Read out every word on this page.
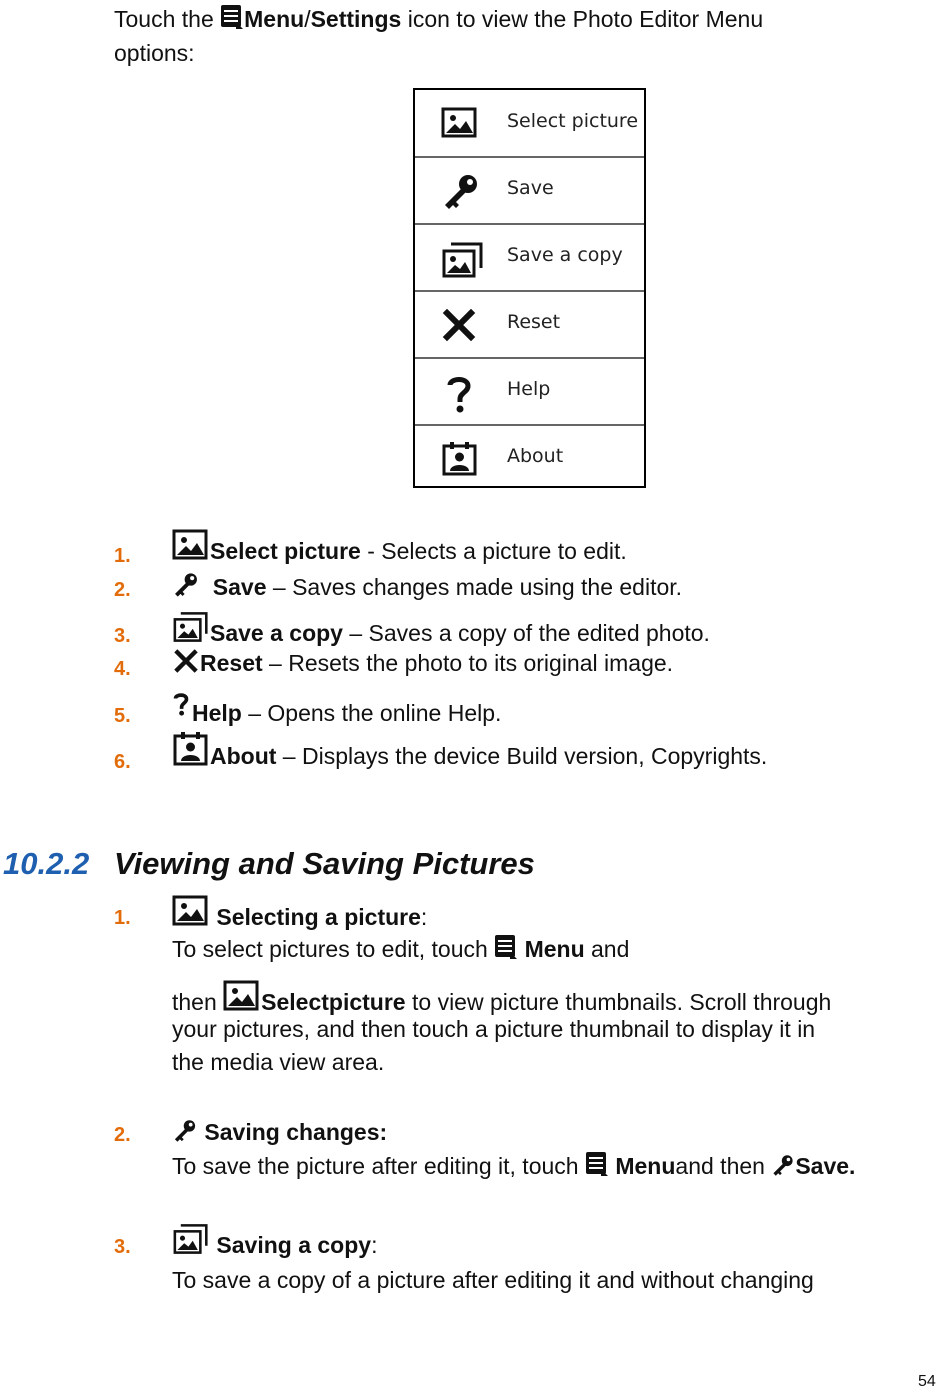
Touch the Menu/Settings icon to view the Photo Editor Menu
options:
Select picture
Save
Save a copy
Reset
Help
About
1.	Select picture - Selects a picture to edit.
2.	Save – Saves changes made using the editor.
3.	Save a copy – Saves a copy of the edited photo.
4.	Reset – Resets the photo to its original image.
5.	Help – Opens the online Help.
6.	About – Displays the device Build version, Copyrights.
10.2.2 Viewing and Saving Pictures
1.	Selecting a picture:
To select pictures to edit, touch  Menu and
then Selectpicture to view picture thumbnails. Scroll through
your pictures, and then touch a picture thumbnail to display it in
the media view area.
2.	Saving changes:
To save the picture after editing it, touch  Menuand then Save.
3.	Saving a copy:
To save a copy of a picture after editing it and without changing
54
